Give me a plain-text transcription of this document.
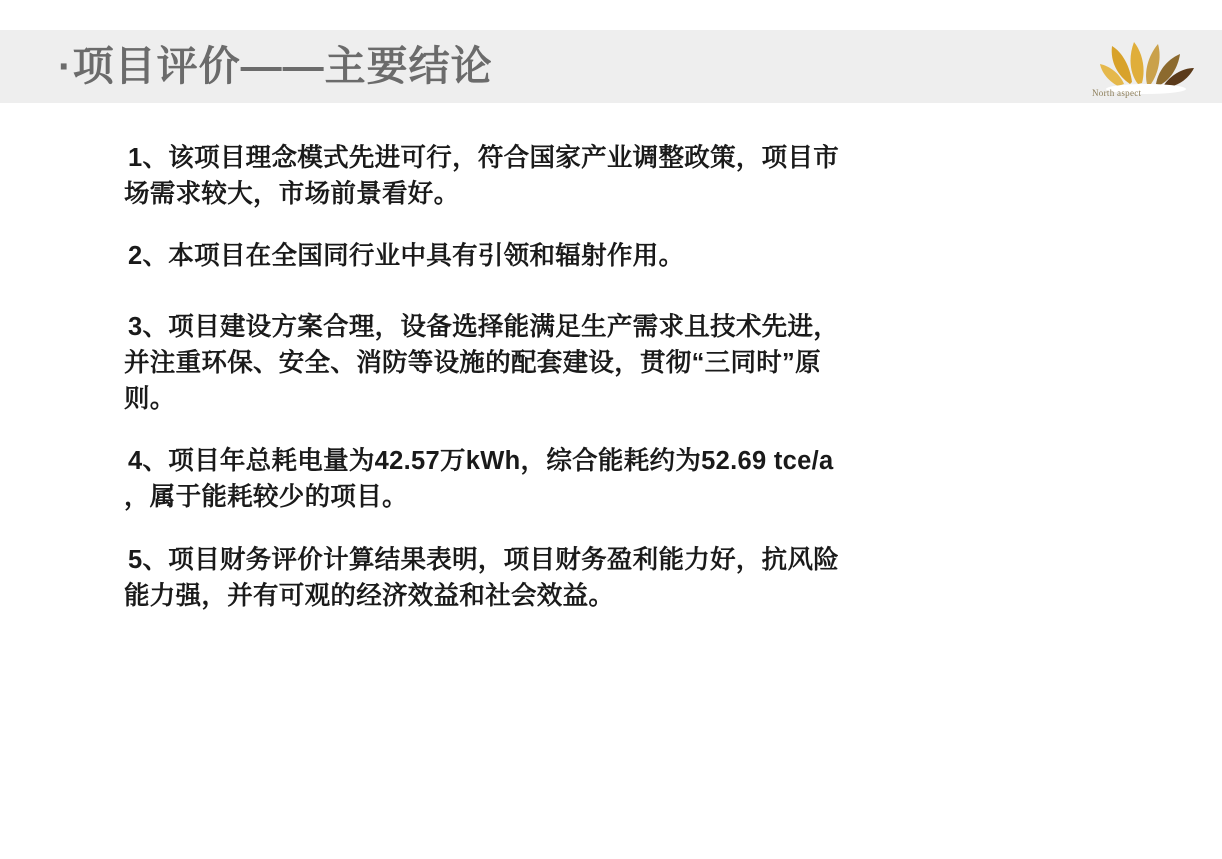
·项目评价——主要结论
North aspect

1、该项目理念模式先进可行，符合国家产业调整政策，项目市
场需求较大，市场前景看好。

2、本项目在全国同行业中具有引领和辐射作用。

3、项目建设方案合理，设备选择能满足生产需求且技术先进，
并注重环保、安全、消防等设施的配套建设，贯彻“三同时”原
则。

4、项目年总耗电量为42.57万kWh，综合能耗约为52.69 tce/a
，属于能耗较少的项目。

5、项目财务评价计算结果表明，项目财务盈利能力好，抗风险
能力强，并有可观的经济效益和社会效益。
